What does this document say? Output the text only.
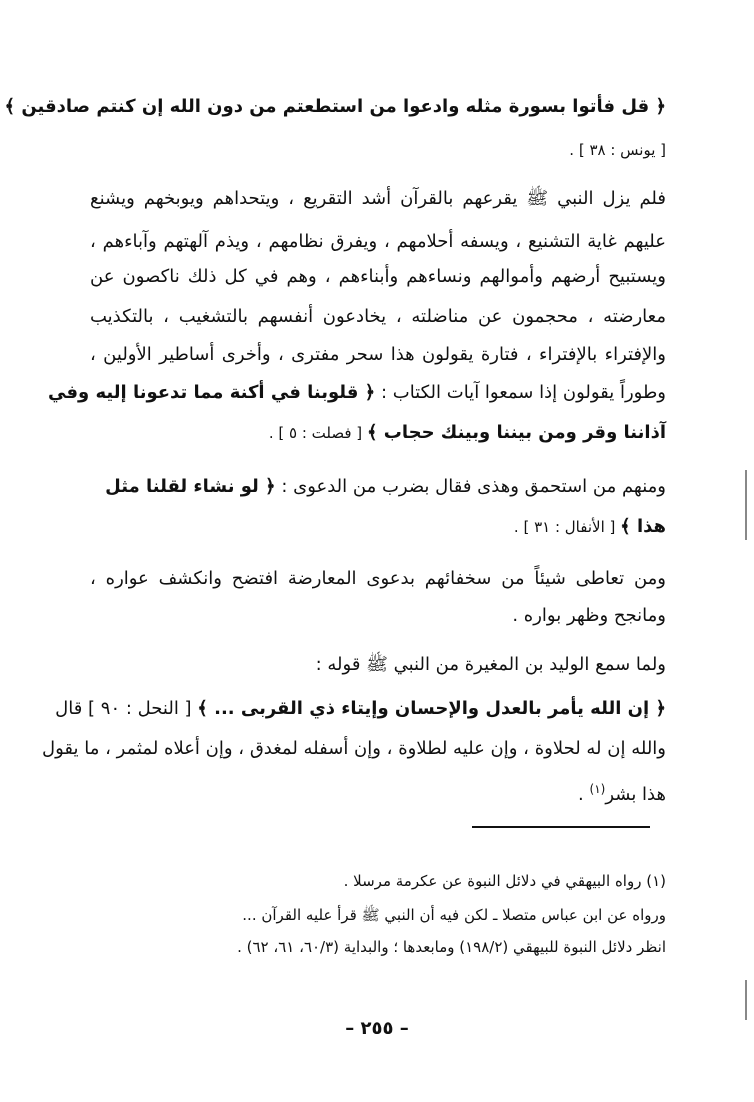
﴿ قل فأتوا بسورة مثله وادعوا من استطعتم من دون الله إن كنتم صادقين ﴾
[ يونس : ٣٨ ] .
فلم يزل النبي ﷺ يقرعهم بالقرآن أشد التقريع ، ويتحداهم ويوبخهم ويشنع
عليهم غاية التشنيع ، ويسفه أحلامهم ، ويفرق نظامهم ، ويذم آلهتهم وآباءهم ،
ويستبيح أرضهم وأموالهم ونساءهم وأبناءهم ، وهم في كل ذلك ناكصون عن
معارضته ، محجمون عن مناضلته ، يخادعون أنفسهم بالتشغيب ، بالتكذيب
والإفتراء بالإفتراء ، فتارة يقولون هذا سحر مفترى ، وأخرى أساطير الأولين ،
وطوراً يقولون إذا سمعوا آيات الكتاب : ﴿ قلوبنا في أكنة مما تدعونا إليه وفي
آذاننا وقر ومن بيننا وبينك حجاب ﴾ [ فصلت : ٥ ] .
ومنهم من استحمق وهذى فقال بضرب من الدعوى : ﴿ لو نشاء لقلنا مثل
هذا ﴾ [ الأنفال : ٣١ ] .
ومن تعاطى شيئاً من سخفائهم بدعوى المعارضة افتضح وانكشف عواره ،
ومانجح وظهر بواره .
ولما سمع الوليد بن المغيرة من النبي ﷺ قوله :
﴿ إن الله يأمر بالعدل والإحسان وإيتاء ذي القربى ... ﴾ [ النحل : ٩٠ ] قال
والله إن له لحلاوة ، وإن عليه لطلاوة ، وإن أسفله لمغدق ، وإن أعلاه لمثمر ، ما يقول
هذا بشر$^{(١)}$ .
(١) رواه البيهقي في دلائل النبوة عن عكرمة مرسلا .
ورواه عن ابن عباس متصلا ـ لكن فيه أن النبي ﷺ قرأ عليه القرآن ...
انظر دلائل النبوة للبيهقي (١٩٨/٢) ومابعدها ؛ والبداية (٦٠/٣، ٦١، ٦٢) .
– ٢٥٥ –
